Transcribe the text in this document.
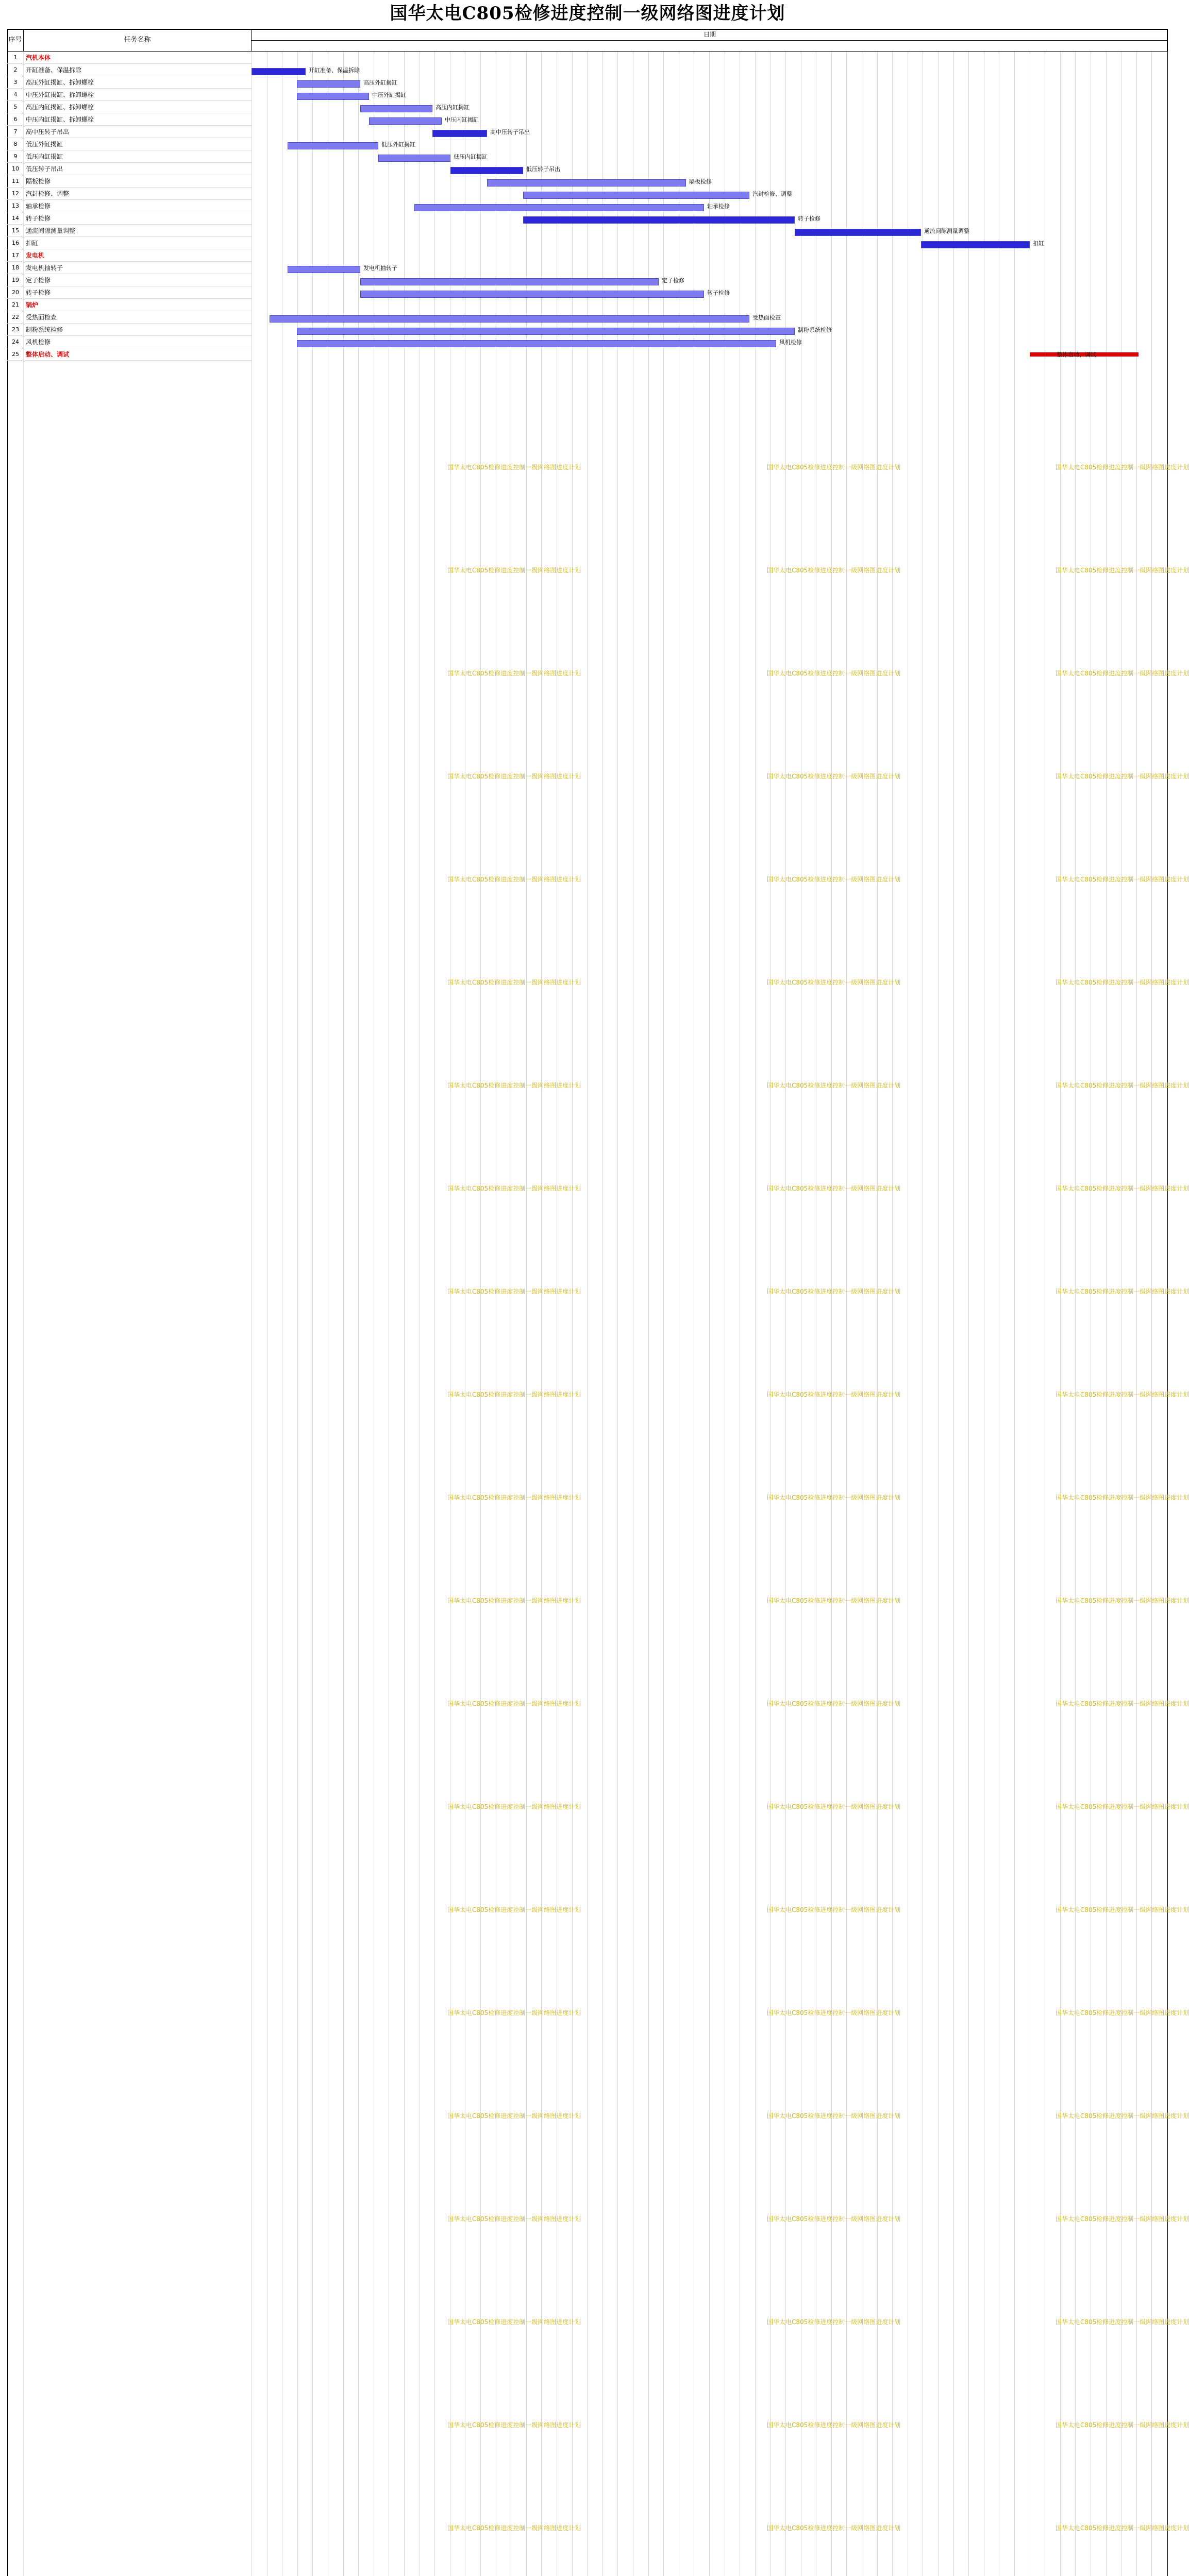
国华太电C805检修进度控制一级网络图进度计划
序号	任务名称
日期
1	汽机本体
2	开缸准备、保温拆除
3	高压外缸揭缸、拆卸螺栓
4	中压外缸揭缸、拆卸螺栓
5	高压内缸揭缸、拆卸螺栓
6	中压内缸揭缸、拆卸螺栓
7	高中压转子吊出
8	低压外缸揭缸
9	低压内缸揭缸
10	低压转子吊出
11	隔板检修
12	汽封检修、调整
13	轴承检修
14	转子检修
15	通流间隙测量调整
16	扣缸
17	发电机
18	发电机抽转子
19	定子检修
20	转子检修
21	锅炉
22	受热面检查
23	制粉系统检修
24	风机检修
25	整体启动、调试
开缸准备、保温拆除
高压外缸揭缸
中压外缸揭缸
高压内缸揭缸
中压内缸揭缸
高中压转子吊出
低压外缸揭缸
低压内缸揭缸
低压转子吊出
隔板检修
汽封检修、调整
轴承检修
转子检修
通流间隙测量调整
扣缸
发电机抽转子
定子检修
转子检修
受热面检查
制粉系统检修
风机检修
整体启动、调试
国华太电C805检修进度控制一级网络图进度计划	国华太电C805检修进度控制一级网络图进度计划	国华太电C805检修进度控制一级网络图进度计划
国华太电C805检修进度控制一级网络图进度计划	国华太电C805检修进度控制一级网络图进度计划	国华太电C805检修进度控制一级网络图进度计划
国华太电C805检修进度控制一级网络图进度计划	国华太电C805检修进度控制一级网络图进度计划	国华太电C805检修进度控制一级网络图进度计划
国华太电C805检修进度控制一级网络图进度计划	国华太电C805检修进度控制一级网络图进度计划	国华太电C805检修进度控制一级网络图进度计划
国华太电C805检修进度控制一级网络图进度计划	国华太电C805检修进度控制一级网络图进度计划	国华太电C805检修进度控制一级网络图进度计划
国华太电C805检修进度控制一级网络图进度计划	国华太电C805检修进度控制一级网络图进度计划	国华太电C805检修进度控制一级网络图进度计划
国华太电C805检修进度控制一级网络图进度计划	国华太电C805检修进度控制一级网络图进度计划	国华太电C805检修进度控制一级网络图进度计划
国华太电C805检修进度控制一级网络图进度计划	国华太电C805检修进度控制一级网络图进度计划	国华太电C805检修进度控制一级网络图进度计划
国华太电C805检修进度控制一级网络图进度计划	国华太电C805检修进度控制一级网络图进度计划	国华太电C805检修进度控制一级网络图进度计划
国华太电C805检修进度控制一级网络图进度计划	国华太电C805检修进度控制一级网络图进度计划	国华太电C805检修进度控制一级网络图进度计划
国华太电C805检修进度控制一级网络图进度计划	国华太电C805检修进度控制一级网络图进度计划	国华太电C805检修进度控制一级网络图进度计划
国华太电C805检修进度控制一级网络图进度计划	国华太电C805检修进度控制一级网络图进度计划	国华太电C805检修进度控制一级网络图进度计划
国华太电C805检修进度控制一级网络图进度计划	国华太电C805检修进度控制一级网络图进度计划	国华太电C805检修进度控制一级网络图进度计划
国华太电C805检修进度控制一级网络图进度计划	国华太电C805检修进度控制一级网络图进度计划	国华太电C805检修进度控制一级网络图进度计划
国华太电C805检修进度控制一级网络图进度计划	国华太电C805检修进度控制一级网络图进度计划	国华太电C805检修进度控制一级网络图进度计划
国华太电C805检修进度控制一级网络图进度计划	国华太电C805检修进度控制一级网络图进度计划	国华太电C805检修进度控制一级网络图进度计划
国华太电C805检修进度控制一级网络图进度计划	国华太电C805检修进度控制一级网络图进度计划	国华太电C805检修进度控制一级网络图进度计划
国华太电C805检修进度控制一级网络图进度计划	国华太电C805检修进度控制一级网络图进度计划	国华太电C805检修进度控制一级网络图进度计划
国华太电C805检修进度控制一级网络图进度计划	国华太电C805检修进度控制一级网络图进度计划	国华太电C805检修进度控制一级网络图进度计划
国华太电C805检修进度控制一级网络图进度计划	国华太电C805检修进度控制一级网络图进度计划	国华太电C805检修进度控制一级网络图进度计划
国华太电C805检修进度控制一级网络图进度计划	国华太电C805检修进度控制一级网络图进度计划	国华太电C805检修进度控制一级网络图进度计划
